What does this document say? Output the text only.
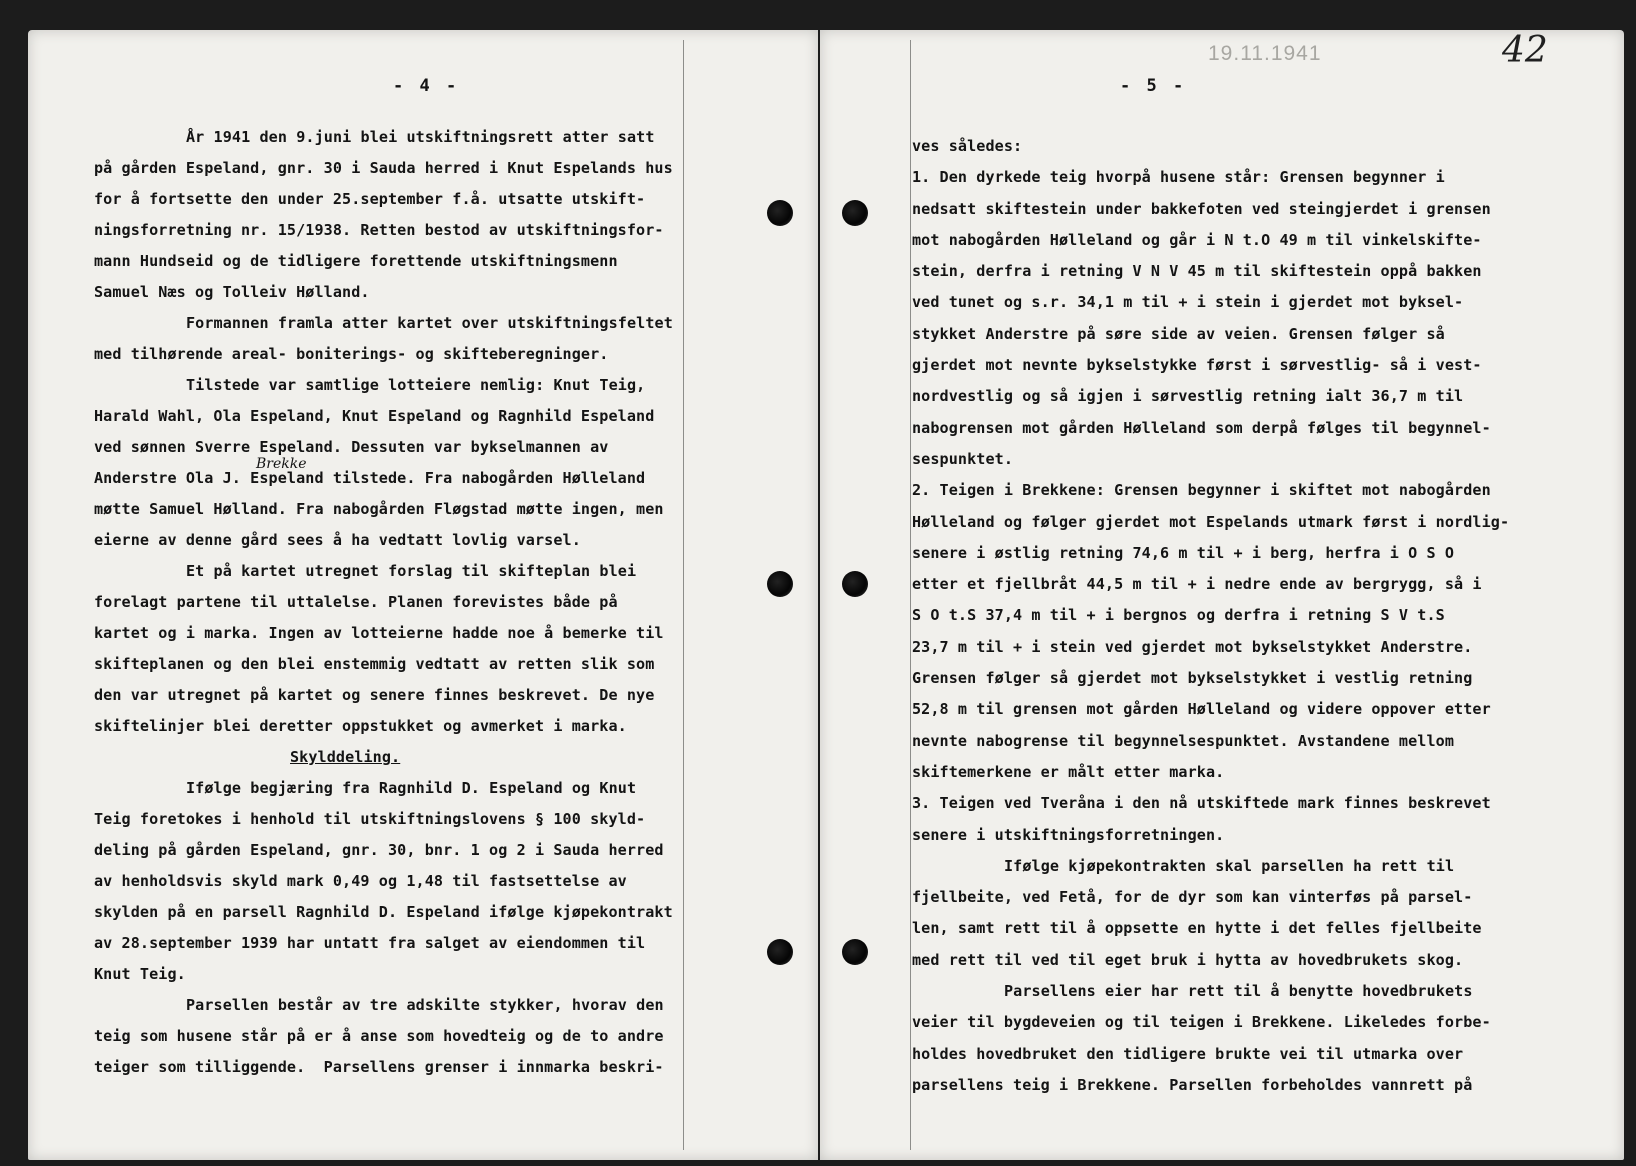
- 4 -
År 1941 den 9.juni blei utskiftningsrett atter satt
på gården Espeland, gnr. 30 i Sauda herred i Knut Espelands hus
for å fortsette den under 25.september f.å. utsatte utskift-
ningsforretning nr. 15/1938. Retten bestod av utskiftningsfor-
mann Hundseid og de tidligere forettende utskiftningsmenn
Samuel Næs og Tolleiv Hølland.
Formannen framla atter kartet over utskiftningsfeltet
med tilhørende areal- boniterings- og skifteberegninger.
Tilstede var samtlige lotteiere nemlig: Knut Teig,
Harald Wahl, Ola Espeland, Knut Espeland og Ragnhild Espeland
ved sønnen Sverre Espeland. Dessuten var bykselmannen av
Anderstre Ola J. Espeland tilstede. Fra nabogården Hølleland
møtte Samuel Hølland. Fra nabogården Fløgstad møtte ingen, men
eierne av denne gård sees å ha vedtatt lovlig varsel.
Et på kartet utregnet forslag til skifteplan blei
forelagt partene til uttalelse. Planen forevistes både på
kartet og i marka. Ingen av lotteierne hadde noe å bemerke til
skifteplanen og den blei enstemmig vedtatt av retten slik som
den var utregnet på kartet og senere finnes beskrevet. De nye
skiftelinjer blei deretter oppstukket og avmerket i marka.
Skylddeling.
Ifølge begjæring fra Ragnhild D. Espeland og Knut
Teig foretokes i henhold til utskiftningslovens § 100 skyld-
deling på gården Espeland, gnr. 30, bnr. 1 og 2 i Sauda herred
av henholdsvis skyld mark 0,49 og 1,48 til fastsettelse av
skylden på en parsell Ragnhild D. Espeland ifølge kjøpekontrakt
av 28.september 1939 har untatt fra salget av eiendommen til
Knut Teig.
Parsellen består av tre adskilte stykker, hvorav den
teig som husene står på er å anse som hovedteig og de to andre
teiger som tilliggende.  Parsellens grenser i innmarka beskri-
Brekke
19.11.1941	42
- 5 -
ves således:
1. Den dyrkede teig hvorpå husene står: Grensen begynner i
nedsatt skiftestein under bakkefoten ved steingjerdet i grensen
mot nabogården Hølleland og går i N t.O 49 m til vinkelskifte-
stein, derfra i retning V N V 45 m til skiftestein oppå bakken
ved tunet og s.r. 34,1 m til + i stein i gjerdet mot byksel-
stykket Anderstre på søre side av veien. Grensen følger så
gjerdet mot nevnte bykselstykke først i sørvestlig- så i vest-
nordvestlig og så igjen i sørvestlig retning ialt 36,7 m til
nabogrensen mot gården Hølleland som derpå følges til begynnel-
sespunktet.
2. Teigen i Brekkene: Grensen begynner i skiftet mot nabogården
Hølleland og følger gjerdet mot Espelands utmark først i nordlig-
senere i østlig retning 74,6 m til + i berg, herfra i O S O
etter et fjellbråt 44,5 m til + i nedre ende av bergrygg, så i
S O t.S 37,4 m til + i bergnos og derfra i retning S V t.S
23,7 m til + i stein ved gjerdet mot bykselstykket Anderstre.
Grensen følger så gjerdet mot bykselstykket i vestlig retning
52,8 m til grensen mot gården Hølleland og videre oppover etter
nevnte nabogrense til begynnelsespunktet. Avstandene mellom
skiftemerkene er målt etter marka.
3. Teigen ved Tverånа i den nå utskiftede mark finnes beskrevet
senere i utskiftningsforretningen.
Ifølge kjøpekontrakten skal parsellen ha rett til
fjellbeite, ved Fetå, for de dyr som kan vinterføs på parsel-
len, samt rett til å oppsette en hytte i det felles fjellbeite
med rett til ved til eget bruk i hytta av hovedbrukets skog.
Parsellens eier har rett til å benytte hovedbrukets
veier til bygdeveien og til teigen i Brekkene. Likeledes forbe-
holdes hovedbruket den tidligere brukte vei til utmarka over
parsellens teig i Brekkene. Parsellen forbeholdes vannrett på
